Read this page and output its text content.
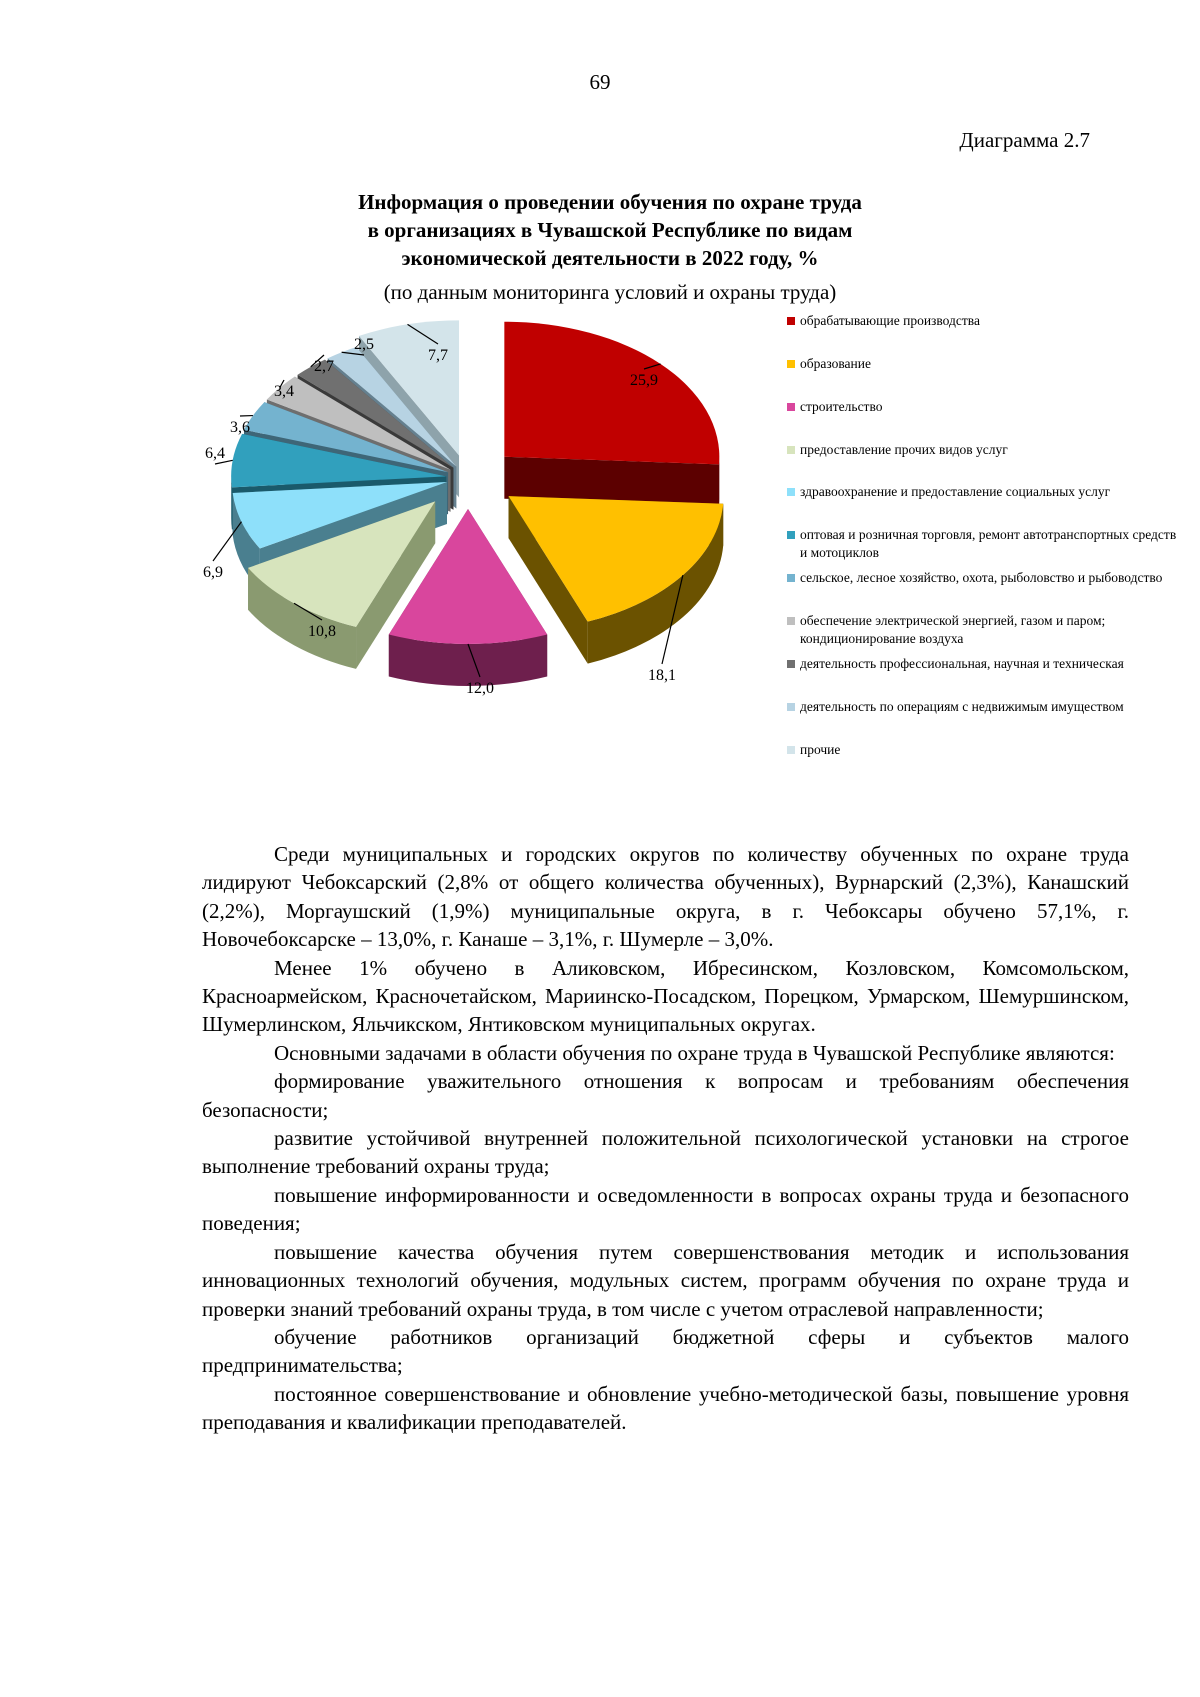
69
Диаграмма 2.7
Информация о проведении обучения по охране труда
в организациях в Чувашской Республике по видам
экономической деятельности в 2022 году, %
(по данным мониторинга условий и охраны труда)
25,9
18,1
12,0
10,8
6,9
6,4
3,6
3,4
2,7
2,5
7,7
обрабатывающие производства
образование
строительство
предоставление прочих видов услуг
здравоохранение и предоставление социальных услуг
оптовая и розничная торговля, ремонт автотранспортных средств и мотоциклов
сельское, лесное хозяйство, охота, рыболовство и рыбоводство
обеспечение электрической энергией, газом и паром; кондиционирование воздуха
деятельность профессиональная, научная и техническая
деятельность по операциям с недвижимым имуществом
прочие

Среди муниципальных и городских округов по количеству обученных по охране труда лидируют Чебоксарский (2,8% от общего количества обученных), Вурнарский (2,3%), Канашский (2,2%), Моргаушский (1,9%) муниципальные округа, в г. Чебоксары обучено 57,1%, г. Новочебоксарске – 13,0%, г. Канаше – 3,1%, г. Шумерле – 3,0%.

Менее 1% обучено в Аликовском, Ибресинском, Козловском, Комсомольском, Красноармейском, Красночетайском, Мариинско-Посадском, Порецком, Урмарском, Шемуршинском, Шумерлинском, Яльчикском, Янтиковском муниципальных округах.

Основными задачами в области обучения по охране труда в Чувашской Республике являются:

формирование уважительного отношения к вопросам и требованиям обеспечения безопасности;

развитие устойчивой внутренней положительной психологической установки на строгое выполнение требований охраны труда;

повышение информированности и осведомленности в вопросах охраны труда и безопасного поведения;

повышение качества обучения путем совершенствования методик и использования инновационных технологий обучения, модульных систем, программ обучения по охране труда и проверки знаний требований охраны труда, в том числе с учетом отраслевой направленности;

обучение работников организаций бюджетной сферы и субъектов малого предпринимательства;

постоянное совершенствование и обновление учебно-методической базы, повышение уровня преподавания и квалификации преподавателей.
